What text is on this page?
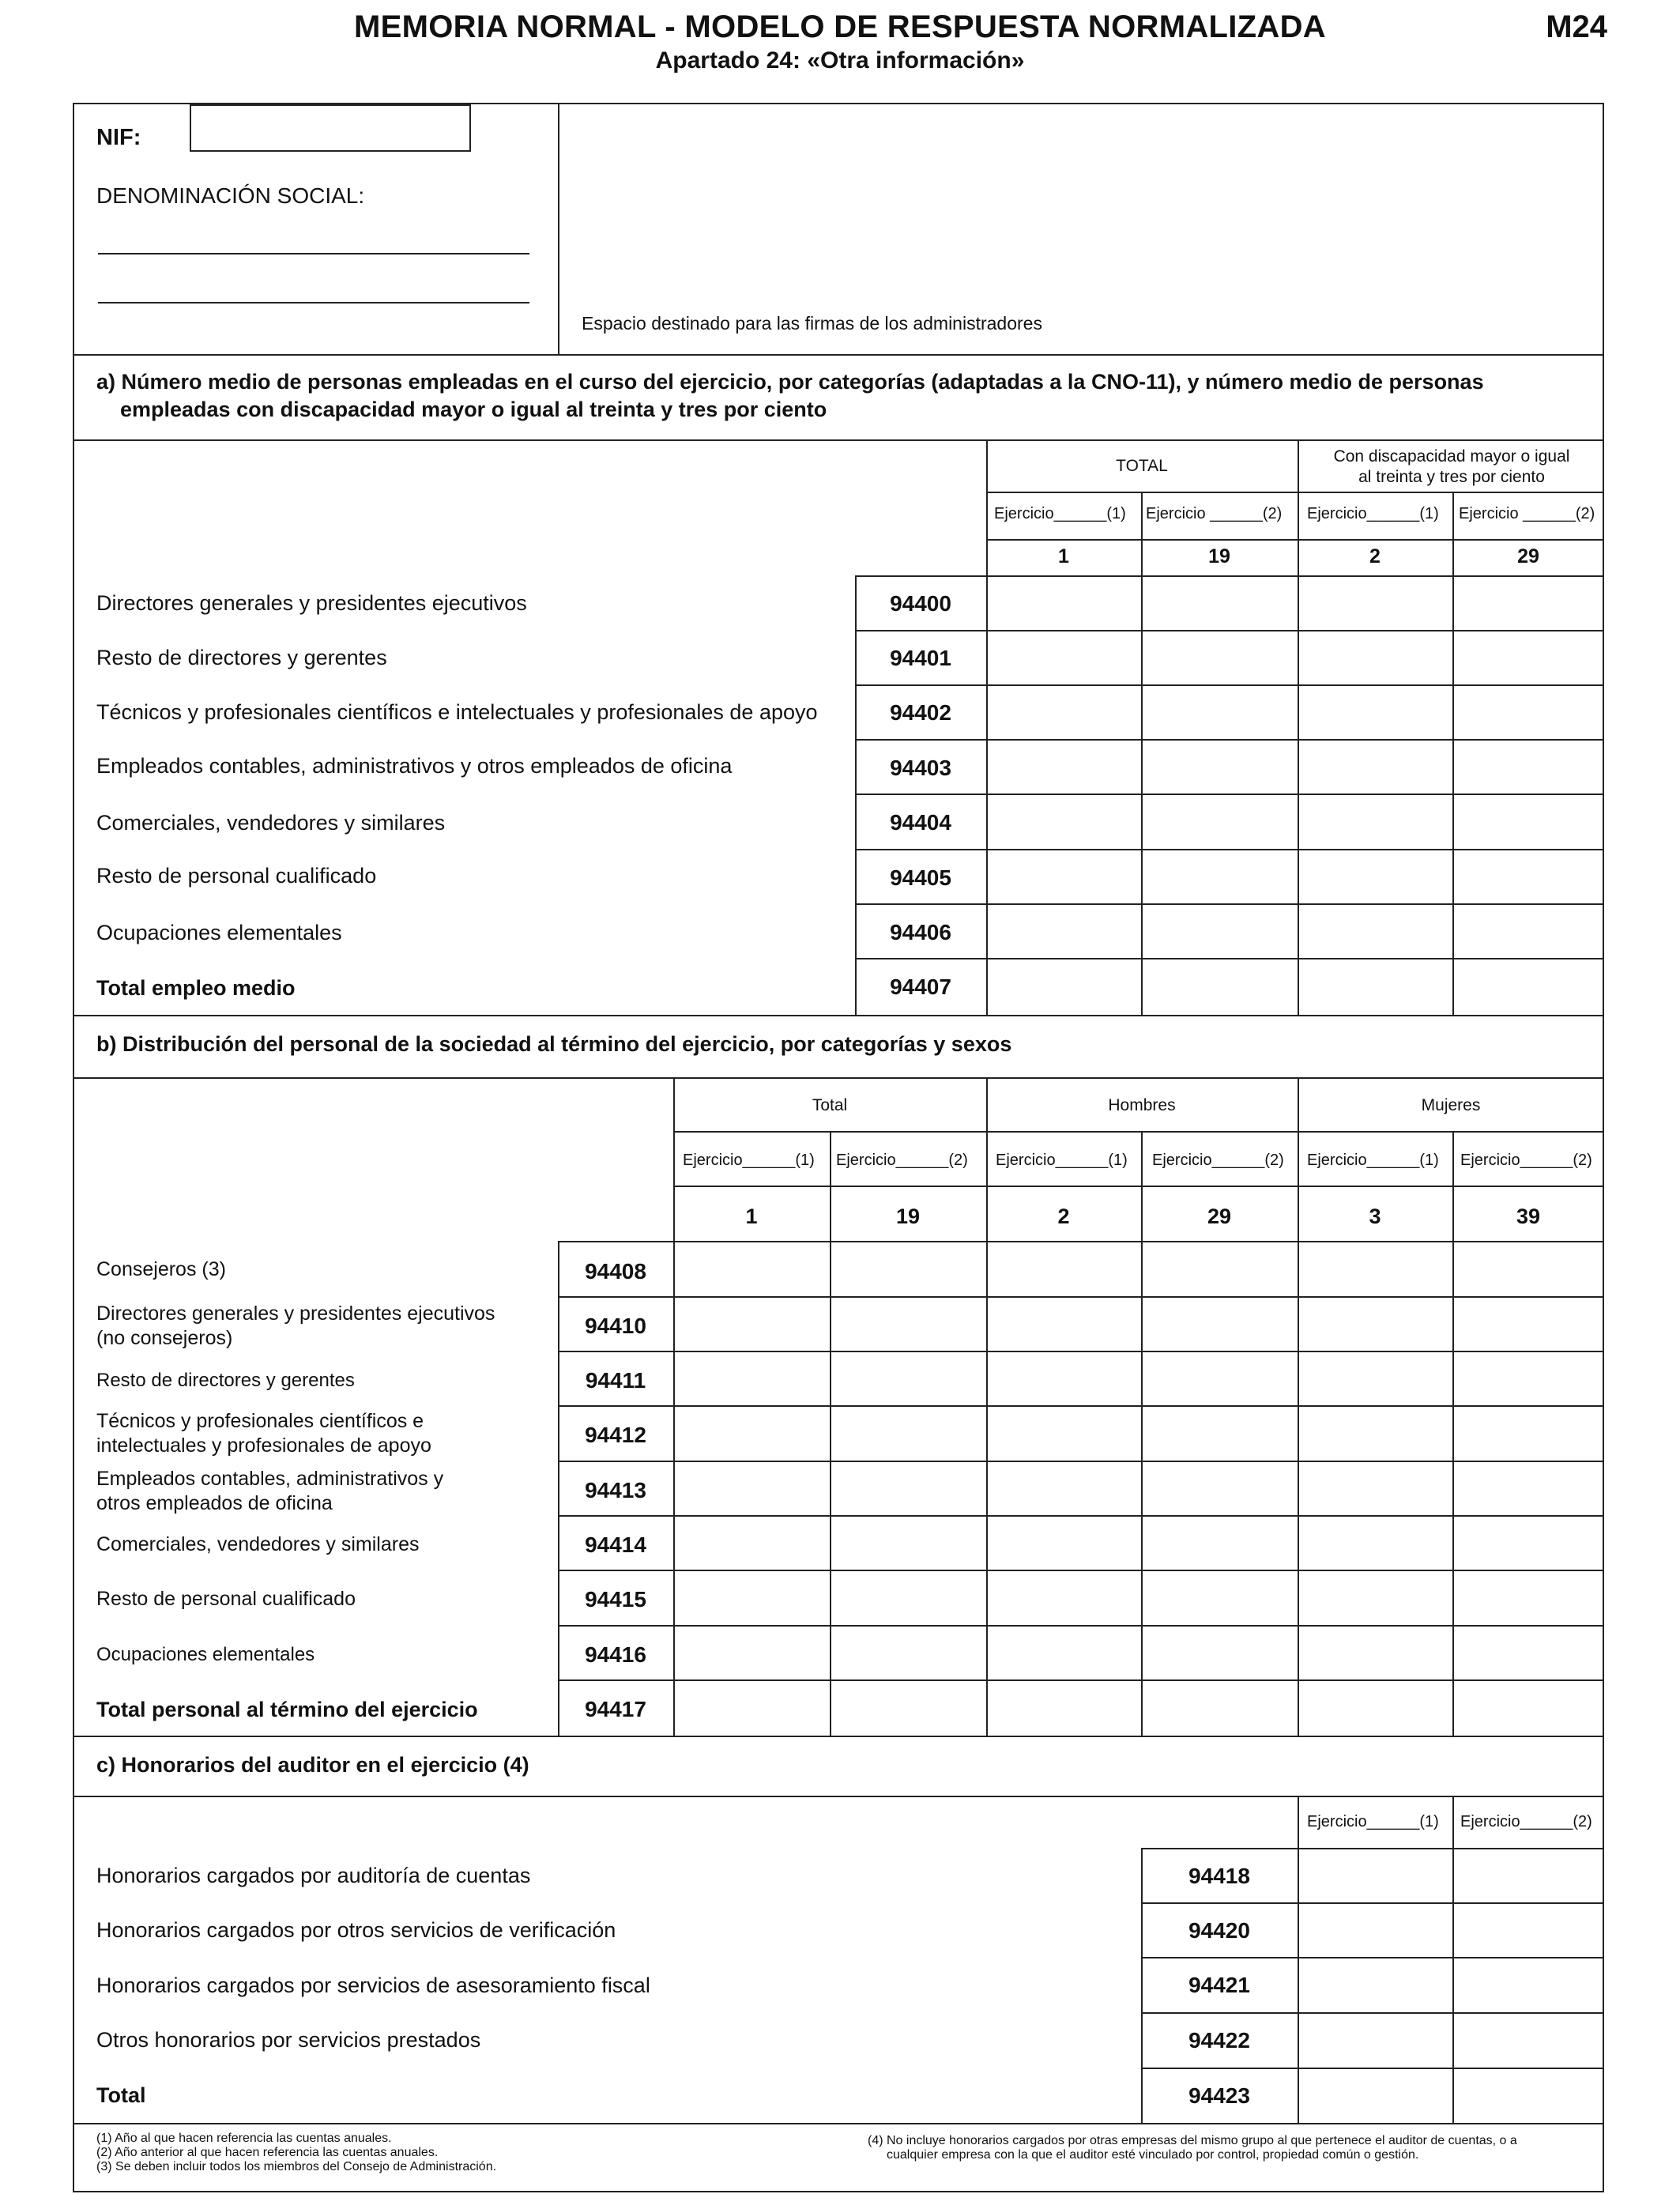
MEMORIA NORMAL - MODELO DE RESPUESTA NORMALIZADA
Apartado 24: «Otra información»
M24
NIF:
DENOMINACIÓN SOCIAL:
Espacio destinado para las firmas de los administradores
a) Número medio de personas empleadas en el curso del ejercicio, por categorías (adaptadas a la CNO-11), y número medio de personas
empleadas con discapacidad mayor o igual al treinta y tres por ciento
TOTAL
Con discapacidad mayor o igual
al treinta y tres por ciento
Ejercicio______(1) Ejercicio ______(2) Ejercicio______(1) Ejercicio ______(2)
1	19	2	29
Directores generales y presidentes ejecutivos	94400
Resto de directores y gerentes	94401
Técnicos y profesionales científicos e intelectuales y profesionales de apoyo	94402
Empleados contables, administrativos y otros empleados de oficina	94403
Comerciales, vendedores y similares	94404
Resto de personal cualificado	94405
Ocupaciones elementales	94406
Total empleo medio	94407
b) Distribución del personal de la sociedad al término del ejercicio, por categorías y sexos
Total	Hombres	Mujeres
Ejercicio______(1) Ejercicio______(2) Ejercicio______(1) Ejercicio______(2) Ejercicio______(1) Ejercicio______(2)
1	19	2	29	3	39
Consejeros (3)	94408
Directores generales y presidentes ejecutivos
(no consejeros)	94410
Resto de directores y gerentes	94411
Técnicos y profesionales científicos e
intelectuales y profesionales de apoyo	94412
Empleados contables, administrativos y
otros empleados de oficina
94413
Comerciales, vendedores y similares	94414
Resto de personal cualificado	94415
Ocupaciones elementales	94416
Total personal al término del ejercicio	94417
c) Honorarios del auditor en el ejercicio (4)
Ejercicio______(1) Ejercicio______(2)
Honorarios cargados por auditoría de cuentas	94418
Honorarios cargados por otros servicios de verificación	94420
Honorarios cargados por servicios de asesoramiento fiscal	94421
Otros honorarios por servicios prestados	94422
Total	94423
(1) Año al que hacen referencia las cuentas anuales.
(2) Año anterior al que hacen referencia las cuentas anuales.
(3) Se deben incluir todos los miembros del Consejo de Administración.
(4) No incluye honorarios cargados por otras empresas del mismo grupo al que pertenece el auditor de cuentas, o a
cualquier empresa con la que el auditor esté vinculado por control, propiedad común o gestión.
